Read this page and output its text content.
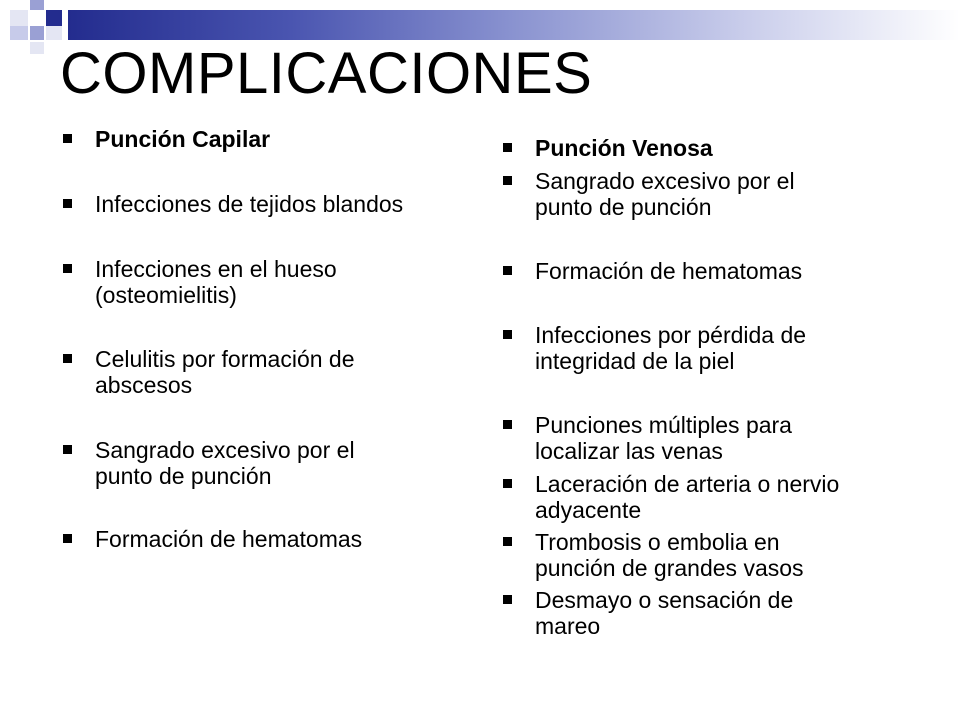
COMPLICACIONES
Punción Capilar
Infecciones de tejidos blandos
Infecciones en el hueso (osteomielitis)
Celulitis por formación de abscesos
Sangrado excesivo por el punto de punción
Formación de hematomas
Punción Venosa
Sangrado excesivo por el punto de punción
Formación de hematomas
Infecciones por pérdida de integridad de la piel
Punciones múltiples para localizar las venas
Laceración de arteria o nervio adyacente
Trombosis o embolia en punción de grandes vasos
Desmayo o sensación de mareo
